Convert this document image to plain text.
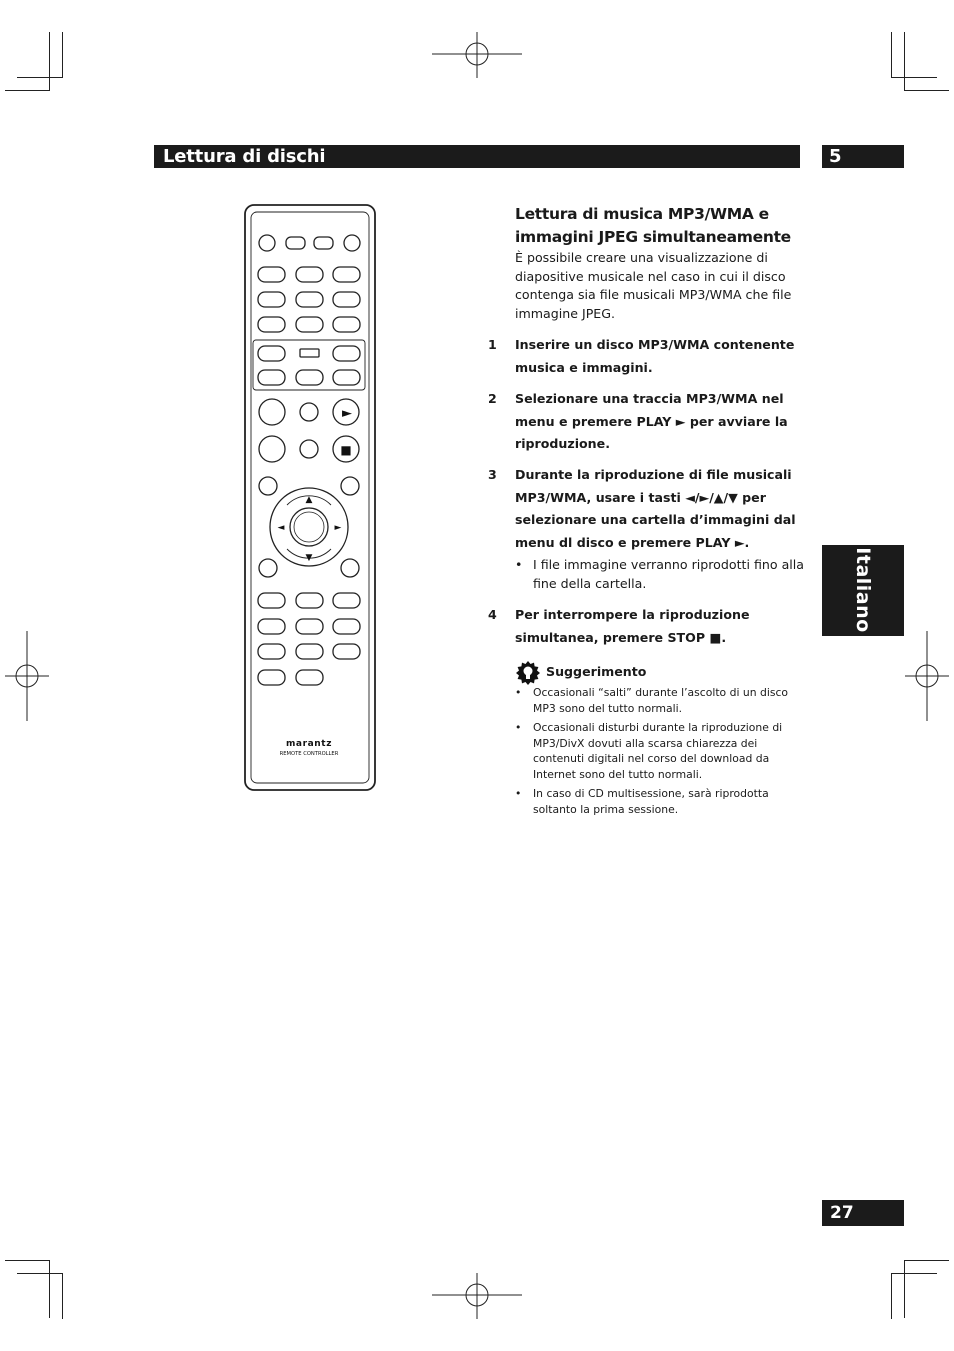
Lettura di dischi	5
Italiano
►
■
▲
▼
◄	►
marantz
REMOTE CONTROLLER
Lettura di musica MP3/WMA e immagini JPEG simultaneamente
È possibile creare una visualizzazione di diapositive musicale nel caso in cui il disco contenga sia file musicali MP3/WMA che file immagine JPEG.
1 Inserire un disco MP3/WMA contenente musica e immagini.
2 Selezionare una traccia MP3/WMA nel menu e premere PLAY ► per avviare la riproduzione.
3 Durante la riproduzione di file musicali MP3/WMA, usare i tasti ◄/►/▲/▼ per selezionare una cartella d’immagini dal menu dl disco e premere PLAY ►.
• I file immagine verranno riprodotti fino alla fine della cartella.
4 Per interrompere la riproduzione simultanea, premere STOP ■.
Suggerimento
• Occasionali “salti” durante l’ascolto di un disco MP3 sono del tutto normali.
• Occasionali disturbi durante la riproduzione di MP3/DivX dovuti alla scarsa chiarezza dei contenuti digitali nel corso del download da Internet sono del tutto normali.
• In caso di CD multisessione, sarà riprodotta soltanto la prima sessione.
27
